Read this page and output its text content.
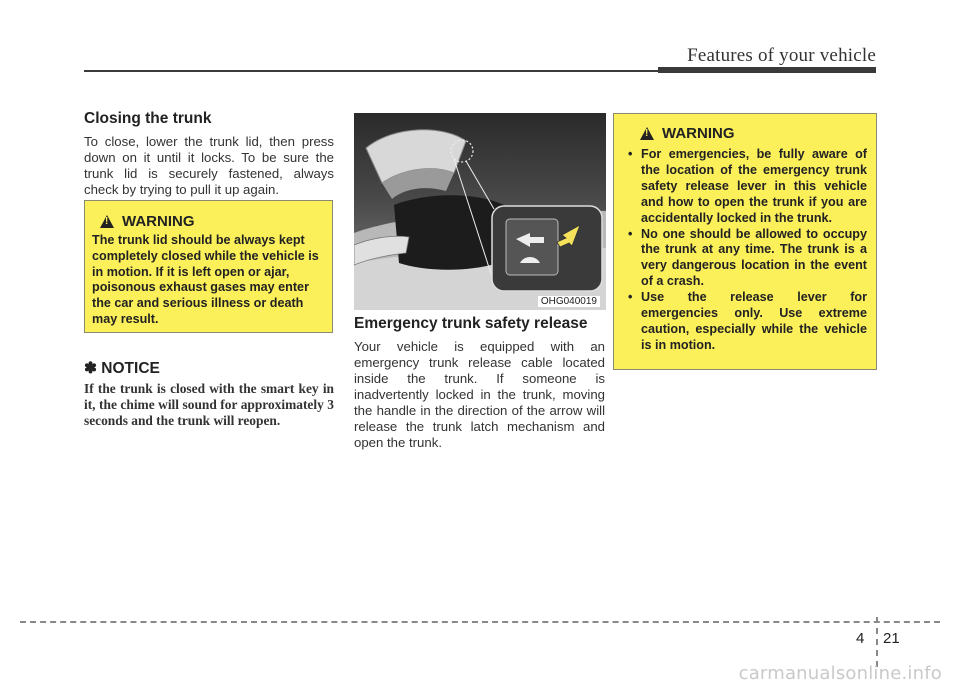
Features of your vehicle
Closing the trunk
To close, lower the trunk lid, then press down on it until it locks. To be sure the trunk lid is securely fastened, always check by trying to pull it up again.
!
WARNING
The trunk lid should be always kept completely closed while the vehicle is in motion. If it is left open or ajar, poisonous exhaust gases may enter the car and serious illness or death may result.
✽ NOTICE
If the trunk is closed with the smart key in it, the chime will sound for approximately 3 seconds and the trunk will reopen.
OHG040019
Emergency trunk safety release
Your vehicle is equipped with an emergency trunk release cable located inside the trunk. If someone is inadvertently locked in the trunk, moving the handle in the direction of the arrow will release the trunk latch mechanism and open the trunk.
!
WARNING
• For emergencies, be fully aware of the location of the emergency trunk safety release lever in this vehicle and how to open the trunk if you are accidentally locked in the trunk.
• No one should be allowed to occupy the trunk at any time. The trunk is a very dangerous location in the event of a crash.
• Use the release lever for emergencies only. Use extreme caution, especially while the vehicle is in motion.
4 21
carmanualsonline.info
